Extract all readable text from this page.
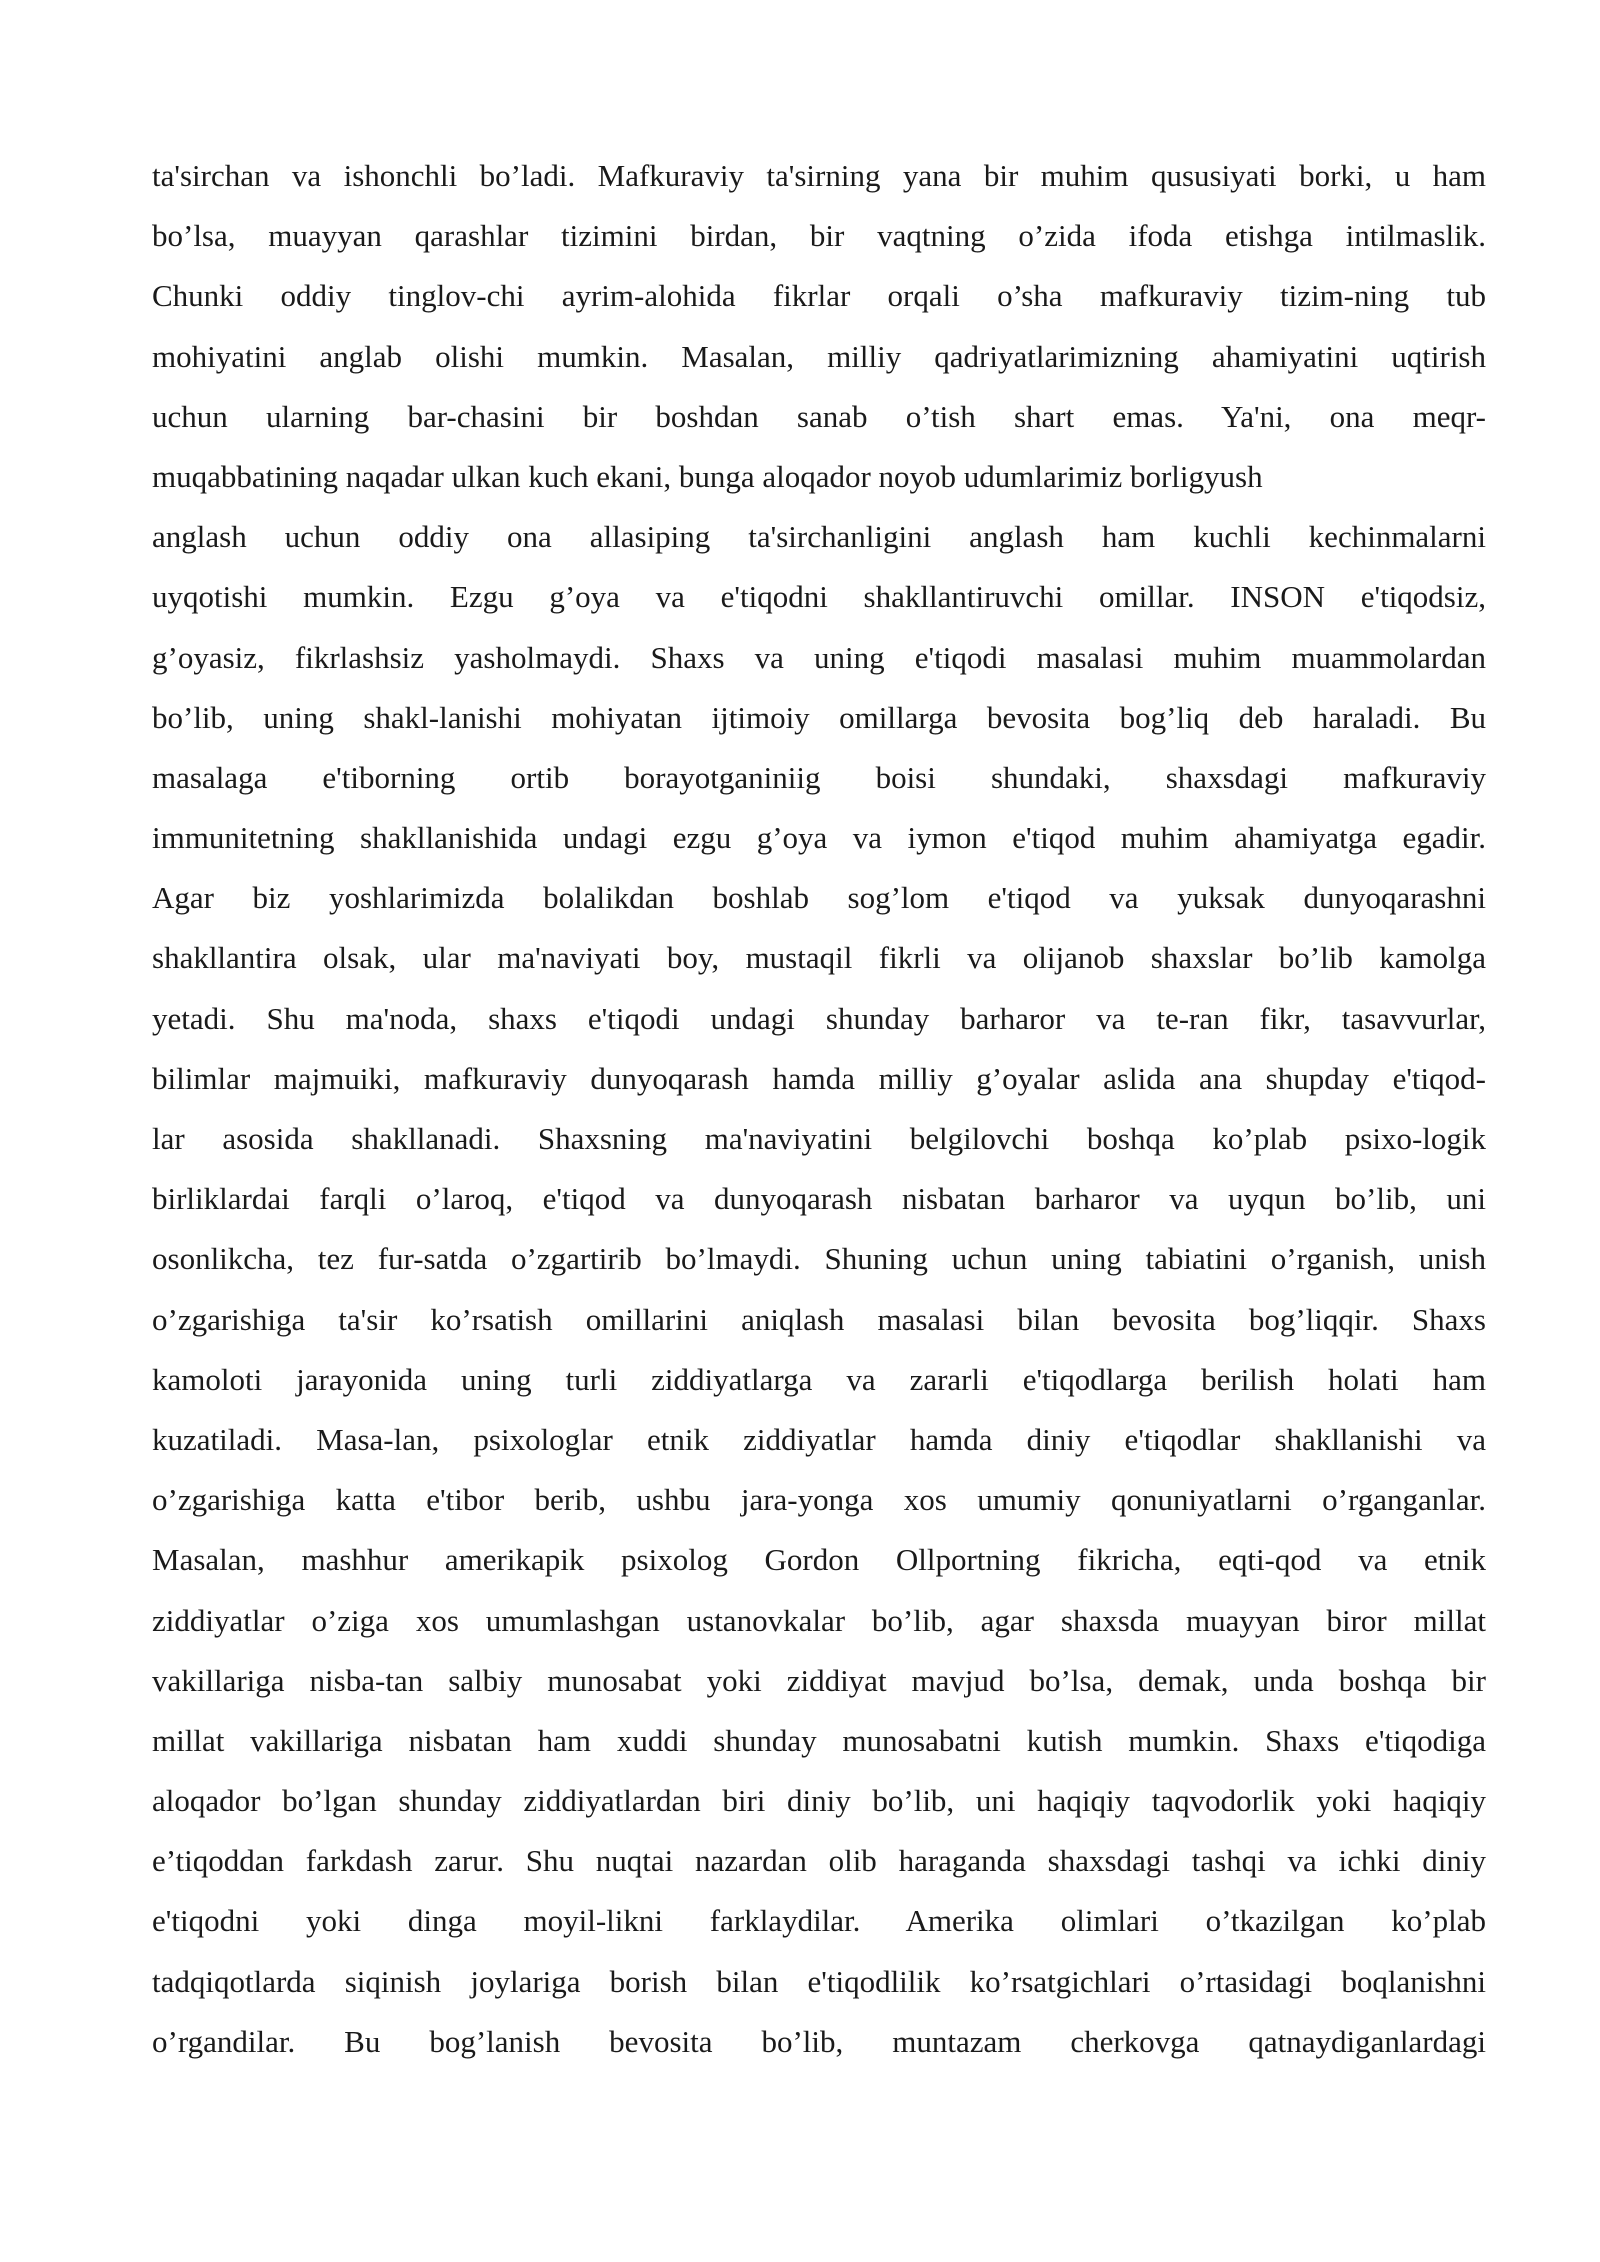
ta'sirchan va ishonchli bo’ladi. Mafkuraviy ta'sirning yana bir muhim qususiyati borki, u ham
bo’lsa, muayyan qarashlar tizimini birdan, bir vaqtning o’zida ifoda etishga intilmaslik.
Chunki oddiy tinglov-chi ayrim-alohida fikrlar orqali o’sha mafkuraviy tizim-ning tub
mohiyatini anglab olishi mumkin. Masalan, milliy qadriyatlarimizning ahamiyatini uqtirish
uchun ularning bar-chasini bir boshdan sanab o’tish shart emas. Ya'ni, ona meqr-
muqabbatining naqadar ulkan kuch ekani, bunga aloqador noyob udumlarimiz borligyush
anglash uchun oddiy ona allasiping ta'sirchanligini anglash ham kuchli kechinmalarni
uyqotishi mumkin. Ezgu g’oya va e'tiqodni shakllantiruvchi omillar. INSON e'tiqodsiz,
g’oyasiz, fikrlashsiz yasholmaydi. Shaxs va uning e'tiqodi masalasi muhim muammolardan
bo’lib, uning shakl-lanishi mohiyatan ijtimoiy omillarga bevosita bog’liq deb haraladi. Bu
masalaga e'tiborning ortib borayotganiniig boisi shundaki, shaxsdagi mafkuraviy
immunitetning shakllanishida undagi ezgu g’oya va iymon e'tiqod muhim ahamiyatga egadir.
Agar biz yoshlarimizda bolalikdan boshlab sog’lom e'tiqod va yuksak dunyoqarashni
shakllantira olsak, ular ma'naviyati boy, mustaqil fikrli va olijanob shaxslar bo’lib kamolga
yetadi. Shu ma'noda, shaxs e'tiqodi undagi shunday barharor va te-ran fikr, tasavvurlar,
bilimlar majmuiki, mafkuraviy dunyoqarash hamda milliy g’oyalar aslida ana shupday e'tiqod-
lar asosida shakllanadi. Shaxsning ma'naviyatini belgilovchi boshqa ko’plab psixo-logik
birliklardai farqli o’laroq, e'tiqod va dunyoqarash nisbatan barharor va uyqun bo’lib, uni
osonlikcha, tez fur-satda o’zgartirib bo’lmaydi. Shuning uchun uning tabiatini o’rganish, unish
o’zgarishiga ta'sir ko’rsatish omillarini aniqlash masalasi bilan bevosita bog’liqqir. Shaxs
kamoloti jarayonida uning turli ziddiyatlarga va zararli e'tiqodlarga berilish holati ham
kuzatiladi. Masa-lan, psixologlar etnik ziddiyatlar hamda diniy e'tiqodlar shakllanishi va
o’zgarishiga katta e'tibor berib, ushbu jara-yonga xos umumiy qonuniyatlarni o’rganganlar.
Masalan, mashhur amerikapik psixolog Gordon Ollportning fikricha, eqti-qod va etnik
ziddiyatlar o’ziga xos umumlashgan ustanovkalar bo’lib, agar shaxsda muayyan biror millat
vakillariga nisba-tan salbiy munosabat yoki ziddiyat mavjud bo’lsa, demak, unda boshqa bir
millat vakillariga nisbatan ham xuddi shunday munosabatni kutish mumkin. Shaxs e'tiqodiga
aloqador bo’lgan shunday ziddiyatlardan biri diniy bo’lib, uni haqiqiy taqvodorlik yoki haqiqiy
e’tiqoddan farkdash zarur. Shu nuqtai nazardan olib haraganda shaxsdagi tashqi va ichki diniy
e'tiqodni yoki dinga moyil-likni farklaydilar. Amerika olimlari o’tkazilgan ko’plab
tadqiqotlarda siqinish joylariga borish bilan e'tiqodlilik ko’rsatgichlari o’rtasidagi boqlanishni
o’rgandilar. Bu bog’lanish bevosita bo’lib, muntazam cherkovga qatnaydiganlardagi
